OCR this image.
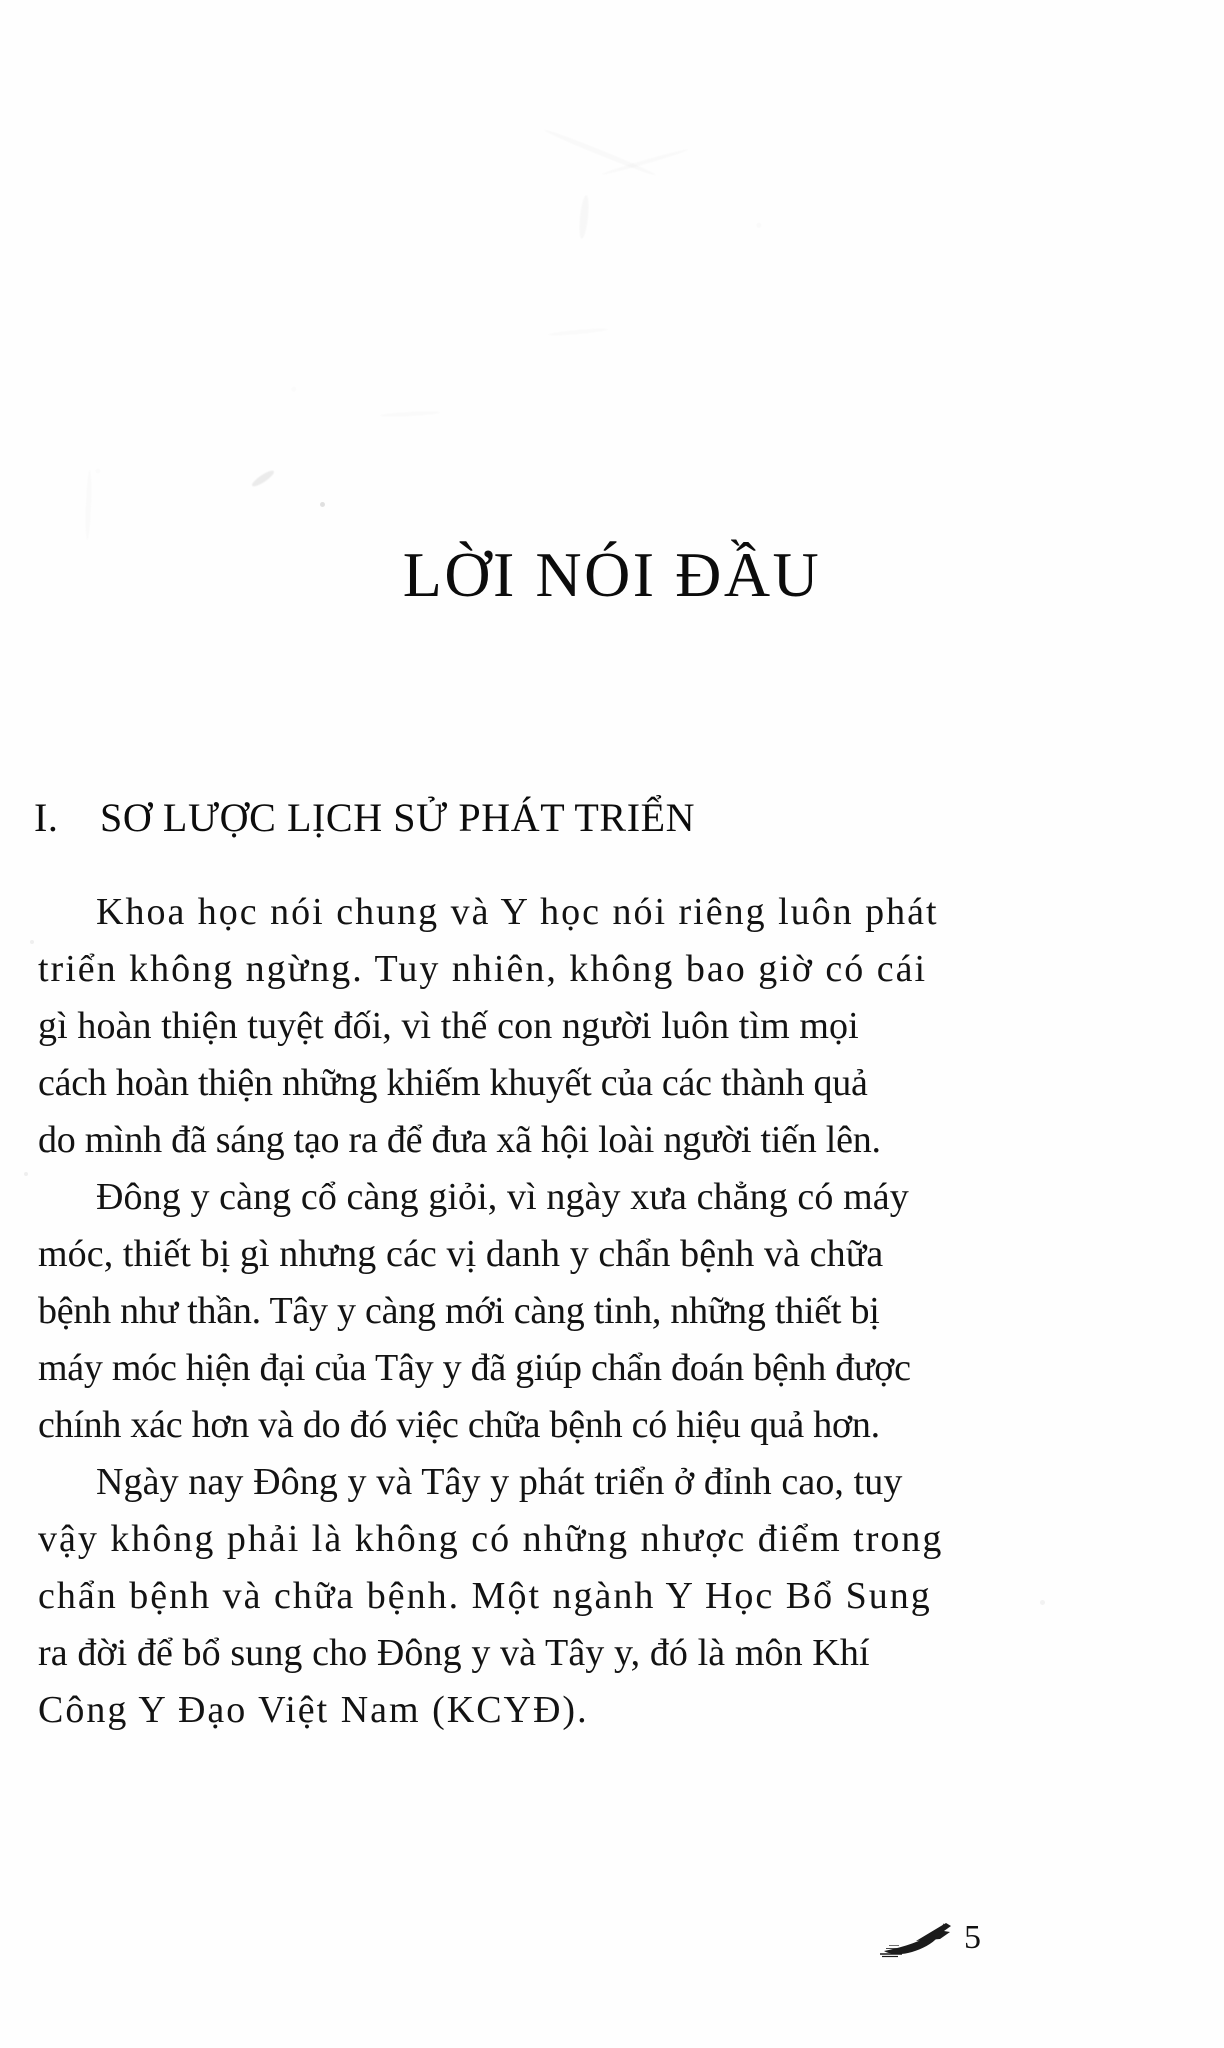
LỜI NÓI ĐẦU
I. SƠ LƯỢC LỊCH SỬ PHÁT TRIỂN

Khoa học nói chung và Y học nói riêng luôn phát triển không ngừng. Tuy nhiên, không bao giờ có cái gì hoàn thiện tuyệt đối, vì thế con người luôn tìm mọi cách hoàn thiện những khiếm khuyết của các thành quả do mình đã sáng tạo ra để đưa xã hội loài người tiến lên.

Đông y càng cổ càng giỏi, vì ngày xưa chẳng có máy móc, thiết bị gì nhưng các vị danh y chẩn bệnh và chữa bệnh như thần. Tây y càng mới càng tinh, những thiết bị máy móc hiện đại của Tây y đã giúp chẩn đoán bệnh được chính xác hơn và do đó việc chữa bệnh có hiệu quả hơn.

Ngày nay Đông y và Tây y phát triển ở đỉnh cao, tuy vậy không phải là không có những nhược điểm trong chẩn bệnh và chữa bệnh. Một ngành Y Học Bổ Sung ra đời để bổ sung cho Đông y và Tây y, đó là môn Khí Công Y Đạo Việt Nam (KCYĐ).

5
